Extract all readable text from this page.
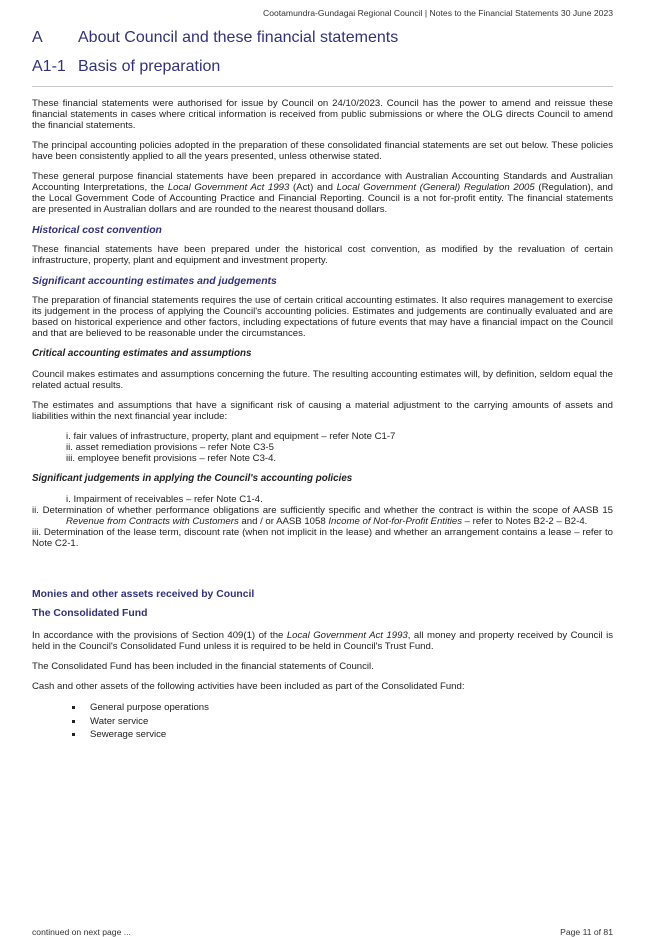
Cootamundra-Gundagai Regional Council | Notes to the Financial Statements 30 June 2023
A About Council and these financial statements
A1-1 Basis of preparation

These financial statements were authorised for issue by Council on 24/10/2023. Council has the power to amend and reissue these financial statements in cases where critical information is received from public submissions or where the OLG directs Council to amend the financial statements.

The principal accounting policies adopted in the preparation of these consolidated financial statements are set out below. These policies have been consistently applied to all the years presented, unless otherwise stated.

These general purpose financial statements have been prepared in accordance with Australian Accounting Standards and Australian Accounting Interpretations, the Local Government Act 1993 (Act) and Local Government (General) Regulation 2005 (Regulation), and the Local Government Code of Accounting Practice and Financial Reporting. Council is a not for-profit entity. The financial statements are presented in Australian dollars and are rounded to the nearest thousand dollars.

Historical cost convention

These financial statements have been prepared under the historical cost convention, as modified by the revaluation of certain infrastructure, property, plant and equipment and investment property.

Significant accounting estimates and judgements

The preparation of financial statements requires the use of certain critical accounting estimates. It also requires management to exercise its judgement in the process of applying the Council's accounting policies. Estimates and judgements are continually evaluated and are based on historical experience and other factors, including expectations of future events that may have a financial impact on the Council and that are believed to be reasonable under the circumstances.

Critical accounting estimates and assumptions

Council makes estimates and assumptions concerning the future. The resulting accounting estimates will, by definition, seldom equal the related actual results.

The estimates and assumptions that have a significant risk of causing a material adjustment to the carrying amounts of assets and liabilities within the next financial year include:

i. fair values of infrastructure, property, plant and equipment – refer Note C1-7
ii. asset remediation provisions – refer Note C3-5
iii. employee benefit provisions – refer Note C3-4.
Significant judgements in applying the Council's accounting policies
i. Impairment of receivables – refer Note C1-4.
ii. Determination of whether performance obligations are sufficiently specific and whether the contract is within the scope of AASB 15 Revenue from Contracts with Customers and / or AASB 1058 Income of Not-for-Profit Entities – refer to Notes B2-2 – B2-4.
iii. Determination of the lease term, discount rate (when not implicit in the lease) and whether an arrangement contains a lease – refer to Note C2-1.
Monies and other assets received by Council
The Consolidated Fund

In accordance with the provisions of Section 409(1) of the Local Government Act 1993, all money and property received by Council is held in the Council's Consolidated Fund unless it is required to be held in Council's Trust Fund.

The Consolidated Fund has been included in the financial statements of Council.

Cash and other assets of the following activities have been included as part of the Consolidated Fund:

General purpose operations
Water service
Sewerage service
continued on next page ...	Page 11 of 81
